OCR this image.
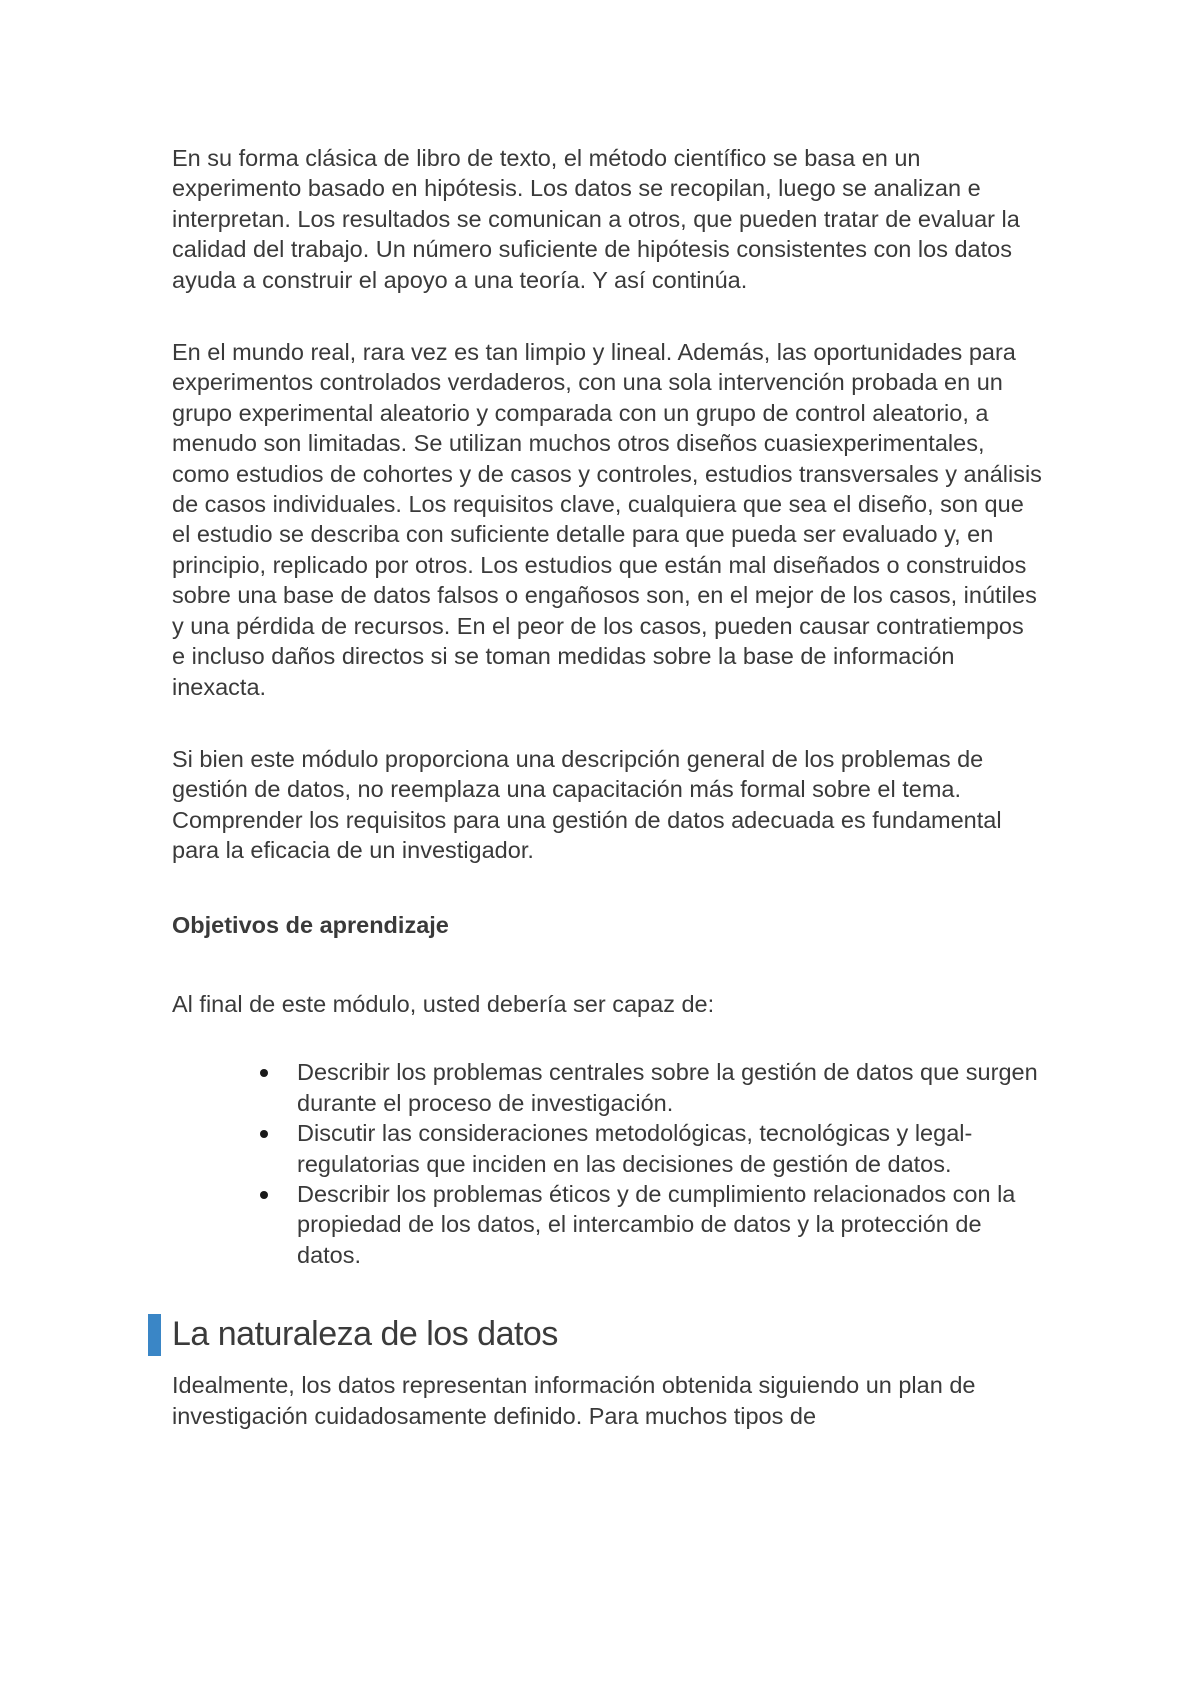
En su forma clásica de libro de texto, el método científico se basa en un experimento basado en hipótesis. Los datos se recopilan, luego se analizan e interpretan. Los resultados se comunican a otros, que pueden tratar de evaluar la calidad del trabajo. Un número suficiente de hipótesis consistentes con los datos ayuda a construir el apoyo a una teoría. Y así continúa.

En el mundo real, rara vez es tan limpio y lineal. Además, las oportunidades para experimentos controlados verdaderos, con una sola intervención probada en un grupo experimental aleatorio y comparada con un grupo de control aleatorio, a menudo son limitadas. Se utilizan muchos otros diseños cuasiexperimentales, como estudios de cohortes y de casos y controles, estudios transversales y análisis de casos individuales. Los requisitos clave, cualquiera que sea el diseño, son que el estudio se describa con suficiente detalle para que pueda ser evaluado y, en principio, replicado por otros. Los estudios que están mal diseñados o construidos sobre una base de datos falsos o engañosos son, en el mejor de los casos, inútiles y una pérdida de recursos. En el peor de los casos, pueden causar contratiempos e incluso daños directos si se toman medidas sobre la base de información inexacta.

Si bien este módulo proporciona una descripción general de los problemas de gestión de datos, no reemplaza una capacitación más formal sobre el tema. Comprender los requisitos para una gestión de datos adecuada es fundamental para la eficacia de un investigador.

Objetivos de aprendizaje

Al final de este módulo, usted debería ser capaz de:

Describir los problemas centrales sobre la gestión de datos que surgen durante el proceso de investigación.
Discutir las consideraciones metodológicas, tecnológicas y legal-regulatorias que inciden en las decisiones de gestión de datos.
Describir los problemas éticos y de cumplimiento relacionados con la propiedad de los datos, el intercambio de datos y la protección de datos.
La naturaleza de los datos

Idealmente, los datos representan información obtenida siguiendo un plan de investigación cuidadosamente definido. Para muchos tipos de
